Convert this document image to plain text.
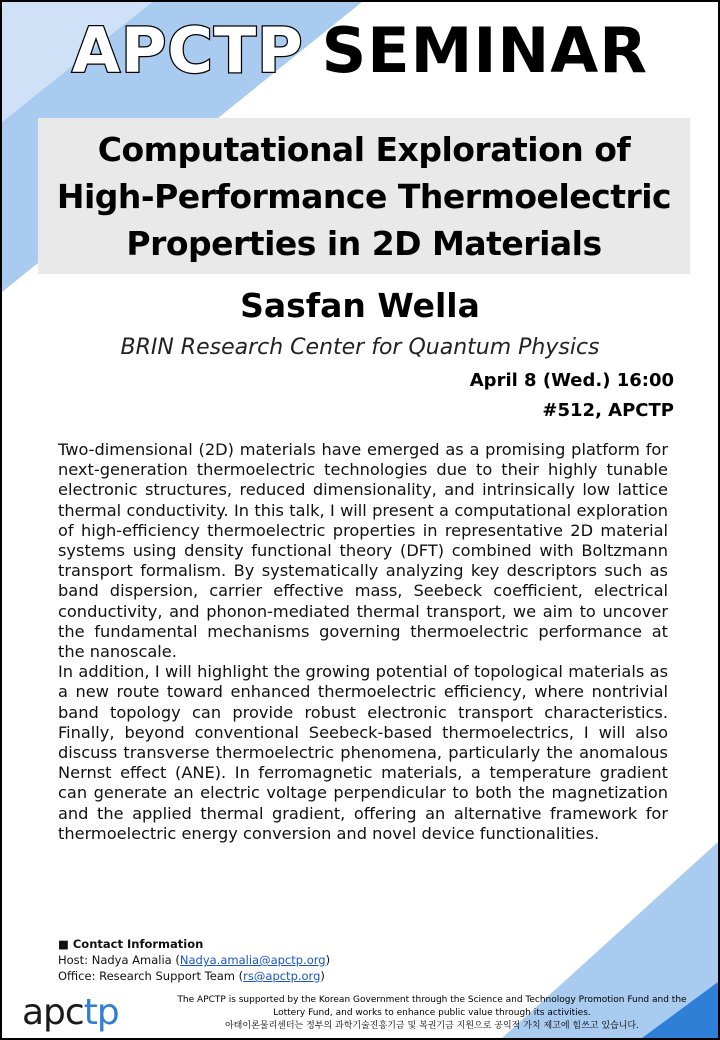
APCTP SEMINAR
Computational Exploration of
High-Performance Thermoelectric
Properties in 2D Materials
Sasfan Wella
BRIN Research Center for Quantum Physics
April 8 (Wed.) 16:00
#512, APCTP

Two-dimensional (2D) materials have emerged as a promising platform for next-generation thermoelectric technologies due to their highly tunable electronic structures, reduced dimensionality, and intrinsically low lattice thermal conductivity. In this talk, I will present a computational exploration of high-efficiency thermoelectric properties in representative 2D material systems using density functional theory (DFT) combined with Boltzmann transport formalism. By systematically analyzing key descriptors such as band dispersion, carrier effective mass, Seebeck coefficient, electrical conductivity, and phonon-mediated thermal transport, we aim to uncover the fundamental mechanisms governing thermoelectric performance at the nanoscale.

In addition, I will highlight the growing potential of topological materials as a new route toward enhanced thermoelectric efficiency, where nontrivial band topology can provide robust electronic transport characteristics. Finally, beyond conventional Seebeck-based thermoelectrics, I will also discuss transverse thermoelectric phenomena, particularly the anomalous Nernst effect (ANE). In ferromagnetic materials, a temperature gradient can generate an electric voltage perpendicular to both the magnetization and the applied thermal gradient, offering an alternative framework for thermoelectric energy conversion and novel device functionalities.

■ Contact Information
Host: Nadya Amalia (Nadya.amalia@apctp.org)
Office: Research Support Team (rs@apctp.org)
apctp	The APCTP is supported by the Korean Government through the Science and Technology Promotion Fund and the Lottery Fund, and works to enhance public value through its activities.
아태이론물리센터는 정부의 과학기술진흥기금 및 복권기금 지원으로 공익적 가치 제고에 힘쓰고 있습니다.
